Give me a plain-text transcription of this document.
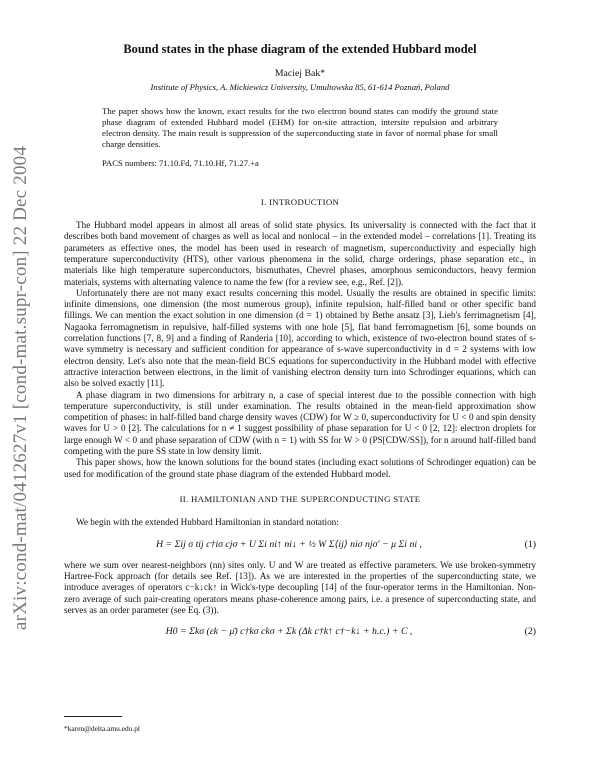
arXiv:cond-mat/0412627v1 [cond-mat.supr-con] 22 Dec 2004
Bound states in the phase diagram of the extended Hubbard model
Maciej Bak*
Institute of Physics, A. Mickiewicz University, Umultowska 85, 61-614 Poznań, Poland

The paper shows how the known, exact results for the two electron bound states can modify the ground state phase diagram of extended Hubbard model (EHM) for on-site attraction, intersite repulsion and arbitrary electron density. The main result is suppression of the superconducting state in favor of normal phase for small charge densities.

PACS numbers: 71.10.Fd, 71.10.Hf, 71.27.+a
I. INTRODUCTION

The Hubbard model appears in almost all areas of solid state physics. Its universality is connected with the fact that it describes both band movement of charges as well as local and nonlocal – in the extended model – correlations [1]. Treating its parameters as effective ones, the model has been used in research of magnetism, superconductivity and especially high temperature superconductivity (HTS), other various phenomena in the solid, charge orderings, phase separation etc., in materials like high temperature superconductors, bismuthates, Chevrel phases, amorphous semiconductors, heavy fermion materials, systems with alternating valence to name the few (for a review see, e.g., Ref. [2]).

Unfortunately there are not many exact results concerning this model. Usually the results are obtained in specific limits: infinite dimensions, one dimension (the most numerous group), infinite repulsion, half-filled band or other specific band fillings. We can mention the exact solution in one dimension (d = 1) obtained by Bethe ansatz [3], Lieb's ferrimagnetism [4], Nagaoka ferromagnetism in repulsive, half-filled systems with one hole [5], flat band ferromagnetism [6], some bounds on correlation functions [7, 8, 9] and a finding of Randeria [10], according to which, existence of two-electron bound states of s-wave symmetry is necessary and sufficient condition for appearance of s-wave superconductivity in d = 2 systems with low electron density. Let's also note that the mean-field BCS equations for superconductivity in the Hubbard model with effective attractive interaction between electrons, in the limit of vanishing electron density turn into Schrodinger equations, which can also be solved exactly [11].

A phase diagram in two dimensions for arbitrary n, a case of special interest due to the possible connection with high temperature superconductivity, is still under examination. The results obtained in the mean-field approximation show competition of phases: in half-filled band charge density waves (CDW) for W ≥ 0, superconductivity for U < 0 and spin density waves for U > 0 [2]. The calculations for n ≠ 1 suggest possibility of phase separation for U < 0 [2, 12]: electron droplets for large enough W < 0 and phase separation of CDW (with n = 1) with SS for W > 0 (PS[CDW/SS]), for n around half-filled band competing with the pure SS state in low density limit.

This paper shows, how the known solutions for the bound states (including exact solutions of Schrodinger equation) can be used for modification of the ground state phase diagram of the extended Hubbard model.

II. HAMILTONIAN AND THE SUPERCONDUCTING STATE

We begin with the extended Hubbard Hamiltonian in standard notation:

H = Σij σ tij c†iσ cjσ + U Σi ni↑ ni↓ + ½ W Σ⟨ij⟩ niσ njσ′ − μ Σi ni ,	(1)

where we sum over nearest-neighbors (nn) sites only. U and W are treated as effective parameters. We use broken-symmetry Hartree-Fock approach (for details see Ref. [13]). As we are interested in the properties of the superconducting state, we introduce averages of operators c−k↓ck↑ in Wick's-type decoupling [14] of the four-operator terms in the Hamiltonian. Non-zero average of such pair-creating operators means phase-coherence among pairs, i.e. a presence of superconducting state, and serves as an order parameter (see Eq. (3)).

H0 = Σkσ (εk − μ̄) c†kσ ckσ + Σk (Δk c†k↑ c†−k↓ + h.c.) + C ,	(2)
*karen@delta.amu.edu.pl
